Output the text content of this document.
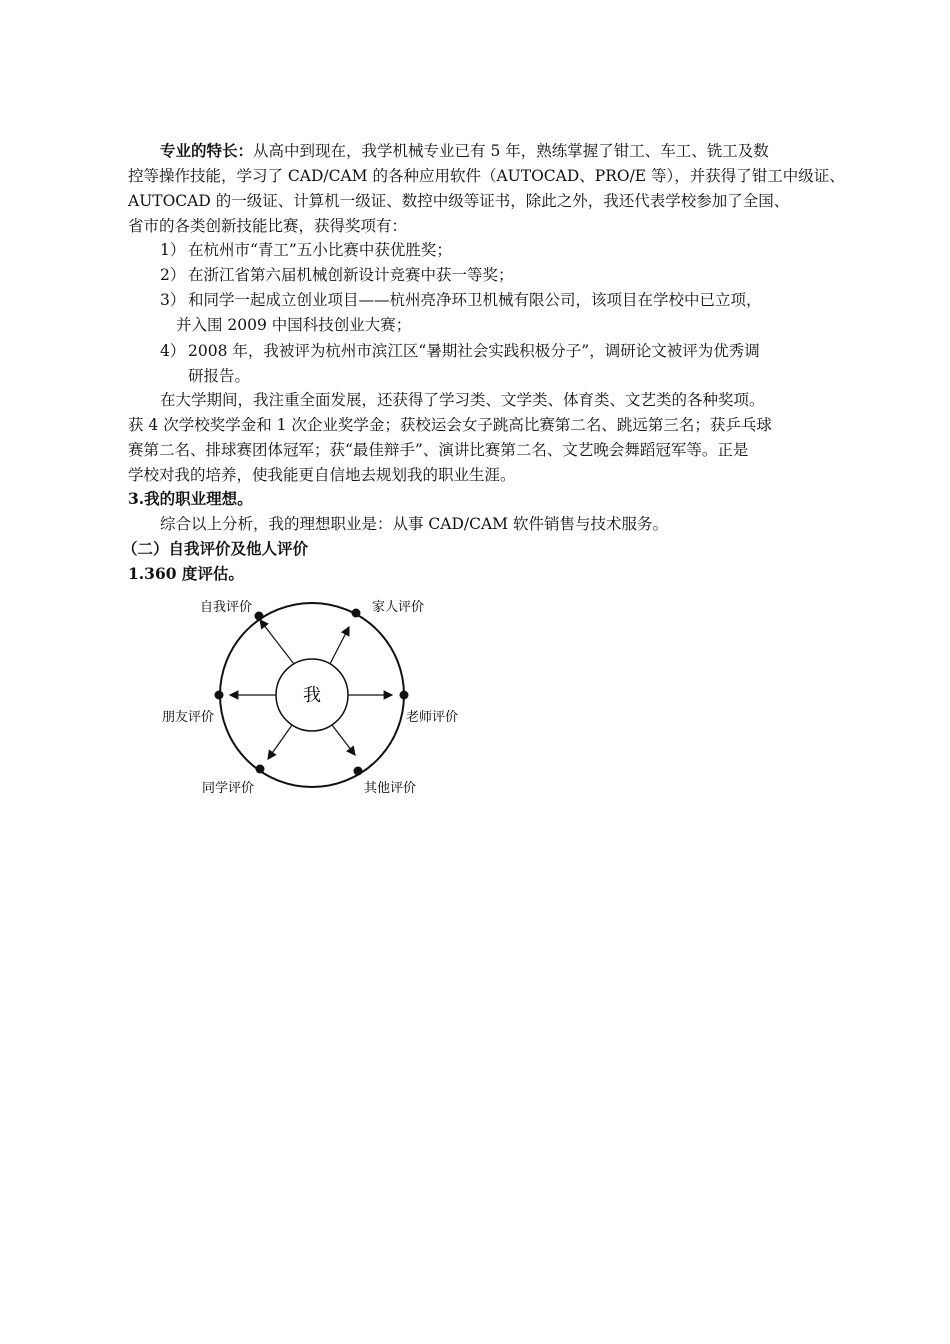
专业的特长：从高中到现在，我学机械专业已有 5 年，熟练掌握了钳工、车工、铣工及数
控等操作技能，学习了 CAD/CAM 的各种应用软件（AUTOCAD、PRO/E 等），并获得了钳工中级证、
AUTOCAD 的一级证、计算机一级证、数控中级等证书，除此之外，我还代表学校参加了全国、
省市的各类创新技能比赛，获得奖项有：
1） 在杭州市“青工”五小比赛中获优胜奖；
2） 在浙江省第六届机械创新设计竞赛中获一等奖；
3） 和同学一起成立创业项目——杭州亮净环卫机械有限公司，该项目在学校中已立项，
并入围 2009 中国科技创业大赛；
4） 2008 年，我被评为杭州市滨江区“暑期社会实践积极分子”，调研论文被评为优秀调
研报告。
在大学期间，我注重全面发展，还获得了学习类、文学类、体育类、文艺类的各种奖项。
获 4 次学校奖学金和 1 次企业奖学金；获校运会女子跳高比赛第二名、跳远第三名；获乒乓球
赛第二名、排球赛团体冠军；获“最佳辩手”、演讲比赛第二名、文艺晚会舞蹈冠军等。正是
学校对我的培养，使我能更自信地去规划我的职业生涯。
3.我的职业理想。
综合以上分析，我的理想职业是：从事 CAD/CAM 软件销售与技术服务。
（二）自我评价及他人评价
1.360 度评估。
我
自我评价	家人评价
朋友评价	老师评价
同学评价	其他评价
